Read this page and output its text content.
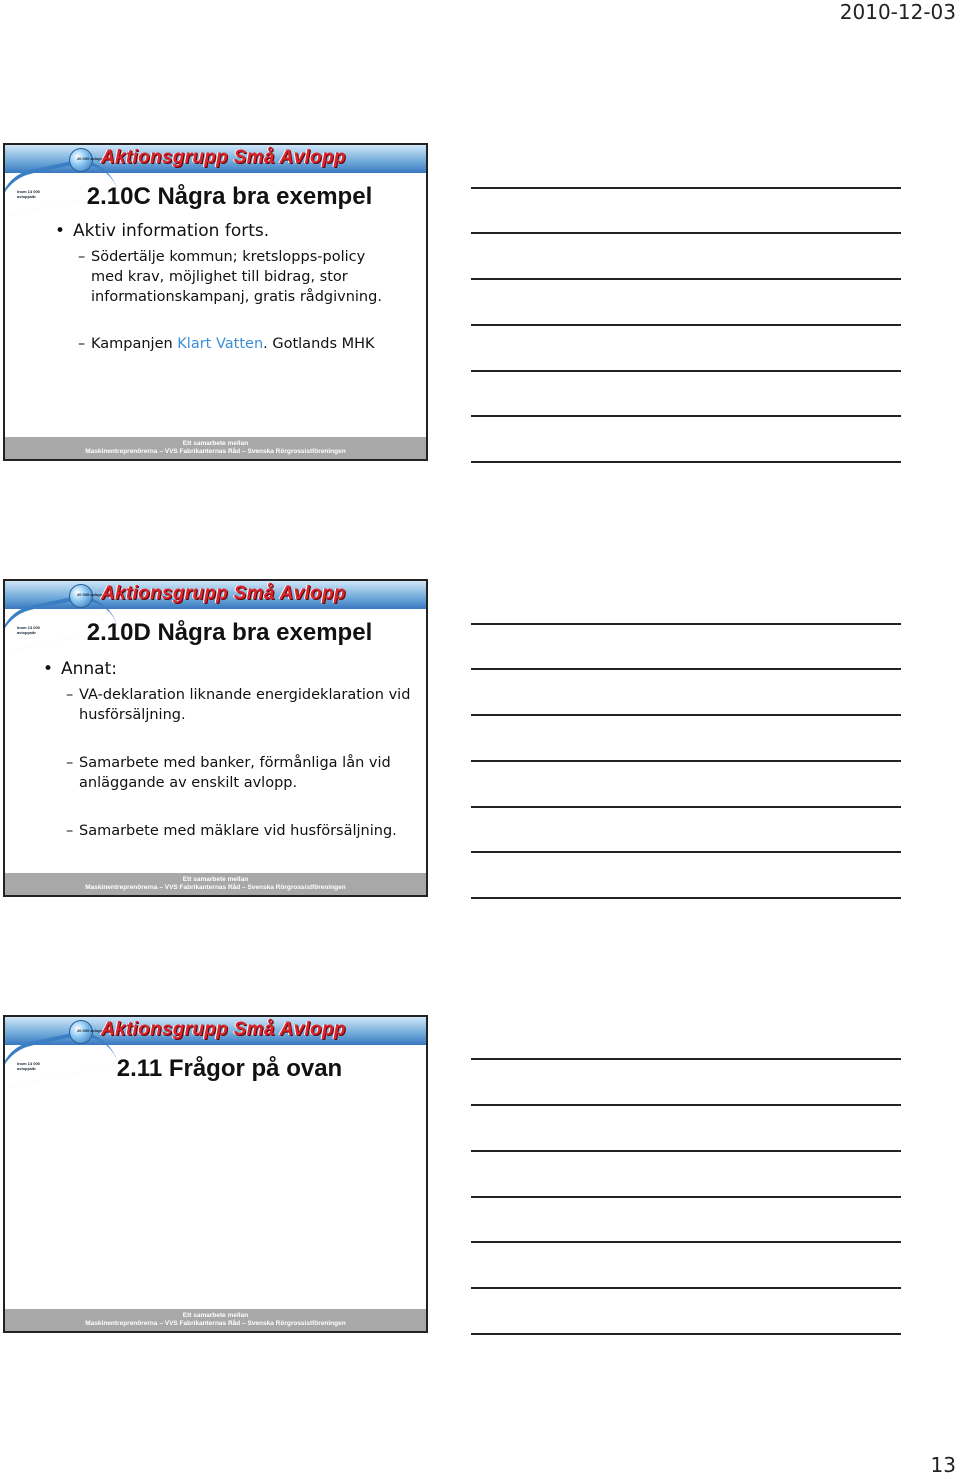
2010-12-03
20 000 avloppsår
Inom 13 000 avloppsår
Aktionsgrupp Små Avlopp
2.10C Några bra exempel
• Aktiv information forts.
– Södertälje kommun; kretslopps-policy
med krav, möjlighet till bidrag, stor
informationskampanj, gratis rådgivning.
– Kampanjen Klart Vatten. Gotlands MHK
Ett samarbete mellan
Maskinentreprenörerna – VVS Fabrikanternas Råd – Svenska Rörgrossistföreningen
20 000 avloppsår
Inom 13 000 avloppsår
Aktionsgrupp Små Avlopp
2.10D Några bra exempel
• Annat:
– VA-deklaration liknande energideklaration vid
husförsäljning.
– Samarbete med banker, förmånliga lån vid
anläggande av enskilt avlopp.
– Samarbete med mäklare vid husförsäljning.
Ett samarbete mellan
Maskinentreprenörerna – VVS Fabrikanternas Råd – Svenska Rörgrossistföreningen
20 000 avloppsår
Inom 13 000 avloppsår
Aktionsgrupp Små Avlopp
2.11 Frågor på ovan
Ett samarbete mellan
Maskinentreprenörerna – VVS Fabrikanternas Råd – Svenska Rörgrossistföreningen
13
